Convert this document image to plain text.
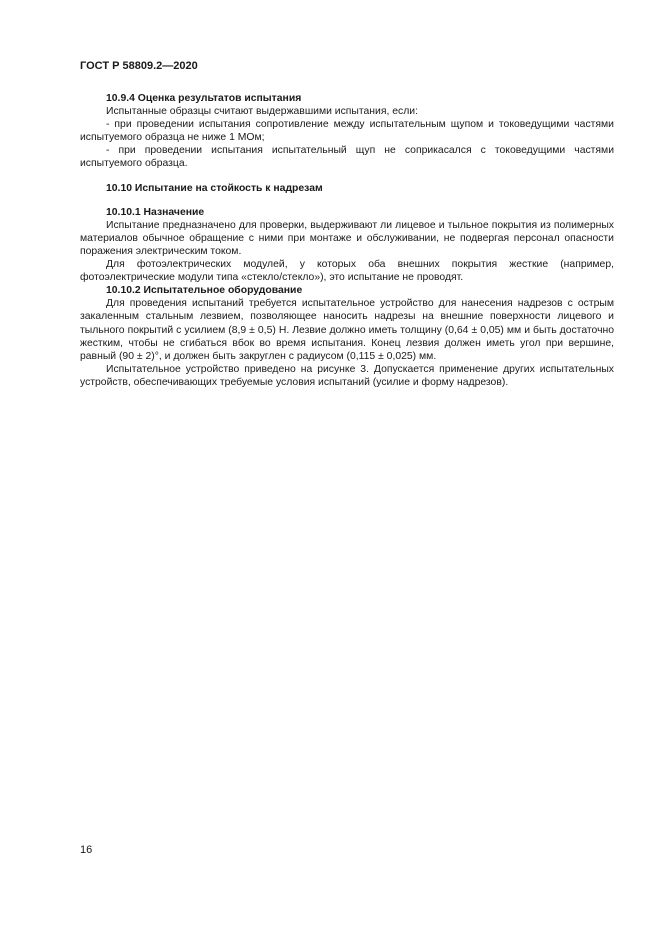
ГОСТ Р 58809.2—2020

10.9.4 Оценка результатов испытания

Испытанные образцы считают выдержавшими испытания, если:

- при проведении испытания сопротивление между испытательным щупом и токоведущими частями испытуемого образца не ниже 1 МОм;

- при проведении испытания испытательный щуп не соприкасался с токоведущими частями испытуемого образца.

10.10 Испытание на стойкость к надрезам

10.10.1 Назначение

Испытание предназначено для проверки, выдерживают ли лицевое и тыльное покрытия из полимерных материалов обычное обращение с ними при монтаже и обслуживании, не подвергая персонал опасности поражения электрическим током.

Для фотоэлектрических модулей, у которых оба внешних покрытия жесткие (например, фотоэлектрические модули типа «стекло/стекло»), это испытание не проводят.

10.10.2 Испытательное оборудование

Для проведения испытаний требуется испытательное устройство для нанесения надрезов с острым закаленным стальным лезвием, позволяющее наносить надрезы на внешние поверхности лицевого и тыльного покрытий с усилием (8,9 ± 0,5) Н. Лезвие должно иметь толщину (0,64 ± 0,05) мм и быть достаточно жестким, чтобы не сгибаться вбок во время испытания. Конец лезвия должен иметь угол при вершине, равный (90 ± 2)°, и должен быть закруглен с радиусом (0,115 ± 0,025) мм.

Испытательное устройство приведено на рисунке 3. Допускается применение других испытательных устройств, обеспечивающих требуемые условия испытаний (усилие и форму надрезов).

16
